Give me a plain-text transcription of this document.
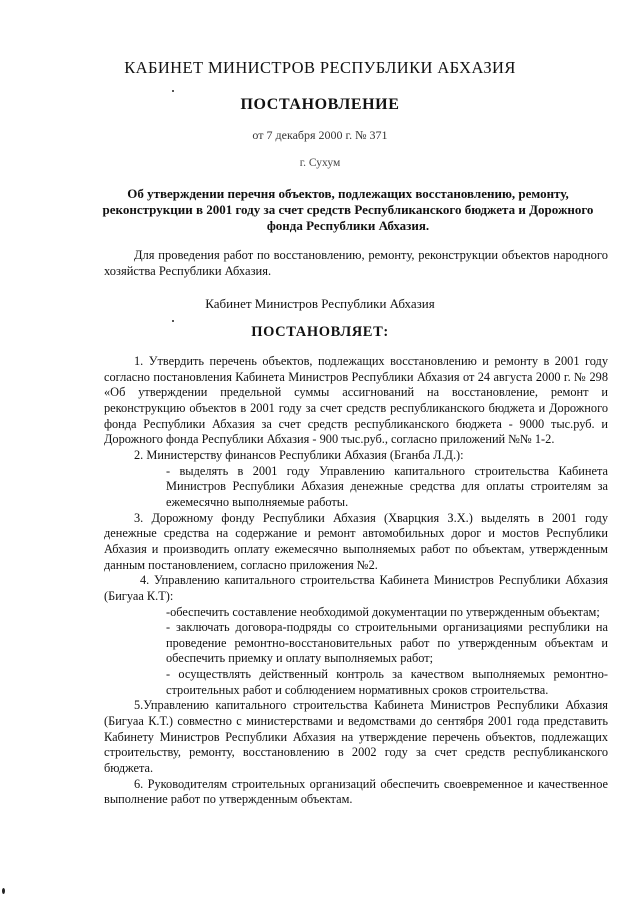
КАБИНЕТ МИНИСТРОВ РЕСПУБЛИКИ АБХАЗИЯ
ПОСТАНОВЛЕНИЕ
от 7 декабря 2000 г. № 371
г. Сухум
Об утверждении перечня объектов, подлежащих восстановлению, ремонту, реконструкции в 2001 году за счет средств Республиканского бюджета и Дорожного фонда Республики Абхазия.
Для проведения работ по восстановлению, ремонту, реконструкции объектов народного хозяйства Республики Абхазия.
Кабинет Министров Республики Абхазия
ПОСТАНОВЛЯЕТ:

1. Утвердить перечень объектов, подлежащих восстановлению и ремонту в 2001 году согласно постановления Кабинета Министров Республики Абхазия от 24 августа 2000 г. № 298 «Об утверждении предельной суммы ассигнований на восстановление, ремонт и реконструкцию объектов в 2001 году за счет средств республиканского бюджета и Дорожного фонда Республики Абхазия за счет средств республиканского бюджета - 9000 тыс.руб. и Дорожного фонда Республики Абхазия - 900 тыс.руб., согласно приложений №№ 1-2.

2. Министерству финансов Республики Абхазия (Бганба Л.Д.):

- выделять в 2001 году Управлению капитального строительства Кабинета Министров Республики Абхазия денежные средства для оплаты строителям за ежемесячно выполняемые работы.

3. Дорожному фонду Республики Абхазия (Хварцкия З.Х.) выделять в 2001 году денежные средства на содержание и ремонт автомобильных дорог и мостов Республики Абхазия и производить оплату ежемесячно выполняемых работ по объектам, утвержденным данным постановлением, согласно приложения №2.

4. Управлению капитального строительства Кабинета Министров Республики Абхазия (Бигуаа К.Т):

-обеспечить составление необходимой документации по утвержденным объектам;

- заключать договора-подряды со строительными организациями республики на проведение ремонтно-восстановительных работ по утвержденным объектам и обеспечить приемку и оплату выполняемых работ;

- осуществлять действенный контроль за качеством выполняемых ремонтно-строительных работ и соблюдением нормативных сроков строительства.

5.Управлению капитального строительства Кабинета Министров Республики Абхазия (Бигуаа К.Т.) совместно с министерствами и ведомствами до сентября 2001 года представить Кабинету Министров Республики Абхазия на утверждение перечень объектов, подлежащих строительству, ремонту, восстановлению в 2002 году за счет средств республиканского бюджета.

6. Руководителям строительных организаций обеспечить своевременное и качественное выполнение работ по утвержденным объектам.
